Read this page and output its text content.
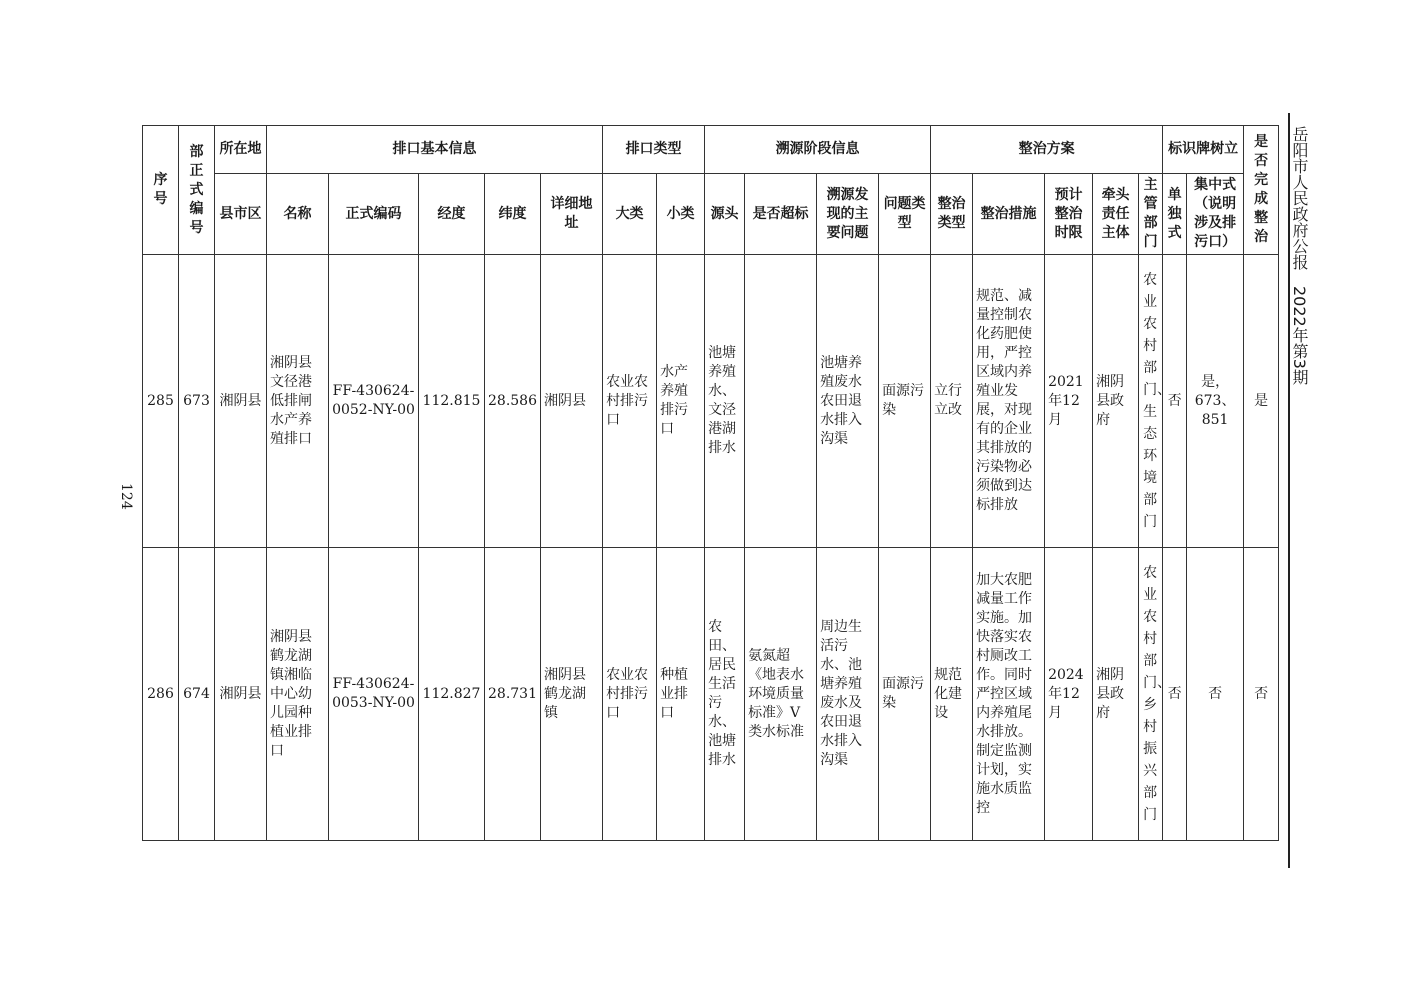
124
岳阳市人民政府公报　2022年第3期
序号	部正式编号	所在地	排口基本信息					排口类型		溯源阶段信息				整治方案					标识牌树立		是否完成整治

		县市区	名称	正式编码	经度	纬度	详细地址	大类	小类	源头	是否超标	溯源发现的主要问题	问题类型	整治类型	整治措施	预计整治时限	牵头责任主体	主管部门	单独式	集中式（说明涉及排污口）	
285	673	湘阴县	湘阴县文径港低排闸水产养殖排口	FF-430624-0052-NY-00	112.815	28.586	湘阴县	农业农村排污口	水产养殖排污口	池塘养殖水、文泾港湖排水		池塘养殖废水农田退水排入沟渠	面源污染	立行立改	规范、减量控制农化药肥使用，严控区域内养殖业发展，对现有的企业其排放的污染物必须做到达标排放	2021年12月	湘阴县政府	农业农村部门、生态环境部门	否	是，673、851	是
286	674	湘阴县	湘阴县鹤龙湖镇湘临中心幼儿园种植业排口	FF-430624-0053-NY-00	112.827	28.731	湘阴县鹤龙湖镇	农业农村排污口	种植业排口	农田、居民生活污水、池塘排水	氨氮超《地表水环境质量标准》V类水标准	周边生活污水、池塘养殖废水及农田退水排入沟渠	面源污染	规范化建设	加大农肥减量工作实施。加快落实农村厕改工作。同时严控区域内养殖尾水排放。制定监测计划，实施水质监控	2024年12月	湘阴县政府	农业农村部门、乡村振兴部门	否	否	否
